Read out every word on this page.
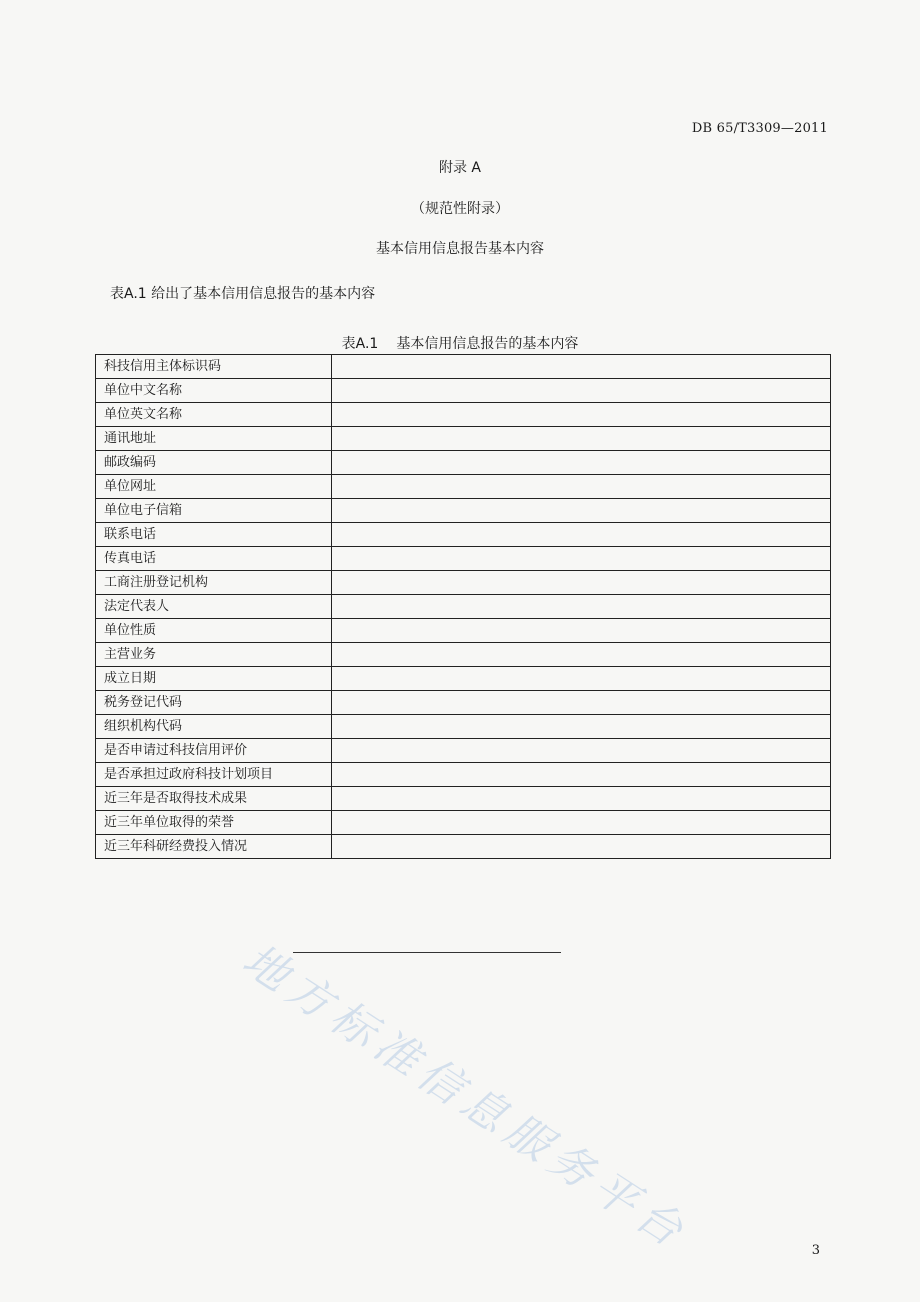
DB 65/T3309—2011
附录 A
（规范性附录）
基本信用信息报告基本内容
表A.1 给出了基本信用信息报告的基本内容
表A.1 基本信用信息报告的基本内容
科技信用主体标识码	
单位中文名称	
单位英文名称	
通讯地址	
邮政编码	
单位网址	
单位电子信箱	
联系电话	
传真电话	
工商注册登记机构	
法定代表人	
单位性质	
主营业务	
成立日期	
税务登记代码	
组织机构代码	
是否申请过科技信用评价	
是否承担过政府科技计划项目	
近三年是否取得技术成果	
近三年单位取得的荣誉	
近三年科研经费投入情况	
地方标准信息服务平台	3
